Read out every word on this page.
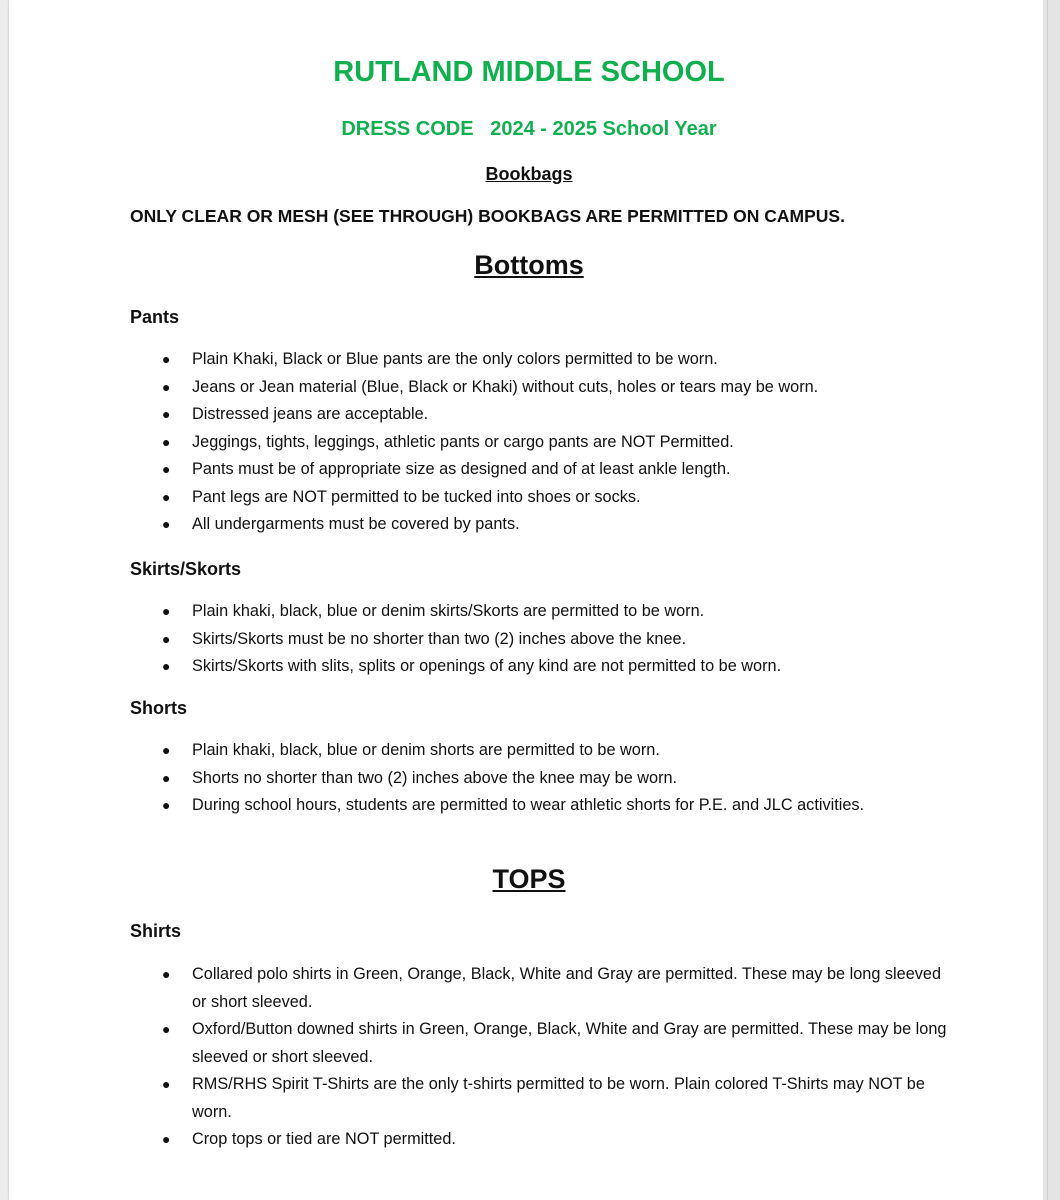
RUTLAND MIDDLE SCHOOL
DRESS CODE   2024 - 2025 School Year
Bookbags

ONLY CLEAR OR MESH (SEE THROUGH) BOOKBAGS ARE PERMITTED ON CAMPUS.

Bottoms
Pants
● Plain Khaki, Black or Blue pants are the only colors permitted to be worn.
● Jeans or Jean material (Blue, Black or Khaki) without cuts, holes or tears may be worn.
● Distressed jeans are acceptable.
● Jeggings, tights, leggings, athletic pants or cargo pants are NOT Permitted.
● Pants must be of appropriate size as designed and of at least ankle length.
● Pant legs are NOT permitted to be tucked into shoes or socks.
● All undergarments must be covered by pants.
Skirts/Skorts
● Plain khaki, black, blue or denim skirts/Skorts are permitted to be worn.
● Skirts/Skorts must be no shorter than two (2) inches above the knee.
● Skirts/Skorts with slits, splits or openings of any kind are not permitted to be worn.
Shorts
● Plain khaki, black, blue or denim shorts are permitted to be worn.
● Shorts no shorter than two (2) inches above the knee may be worn.
● During school hours, students are permitted to wear athletic shorts for P.E. and JLC activities.
TOPS
Shirts
● Collared polo shirts in Green, Orange, Black, White and Gray are permitted. These may be long sleeved or short sleeved.
● Oxford/Button downed shirts in Green, Orange, Black, White and Gray are permitted. These may be long sleeved or short sleeved.
● RMS/RHS Spirit T-Shirts are the only t-shirts permitted to be worn. Plain colored T-Shirts may NOT be worn.
● Crop tops or tied are NOT permitted.
